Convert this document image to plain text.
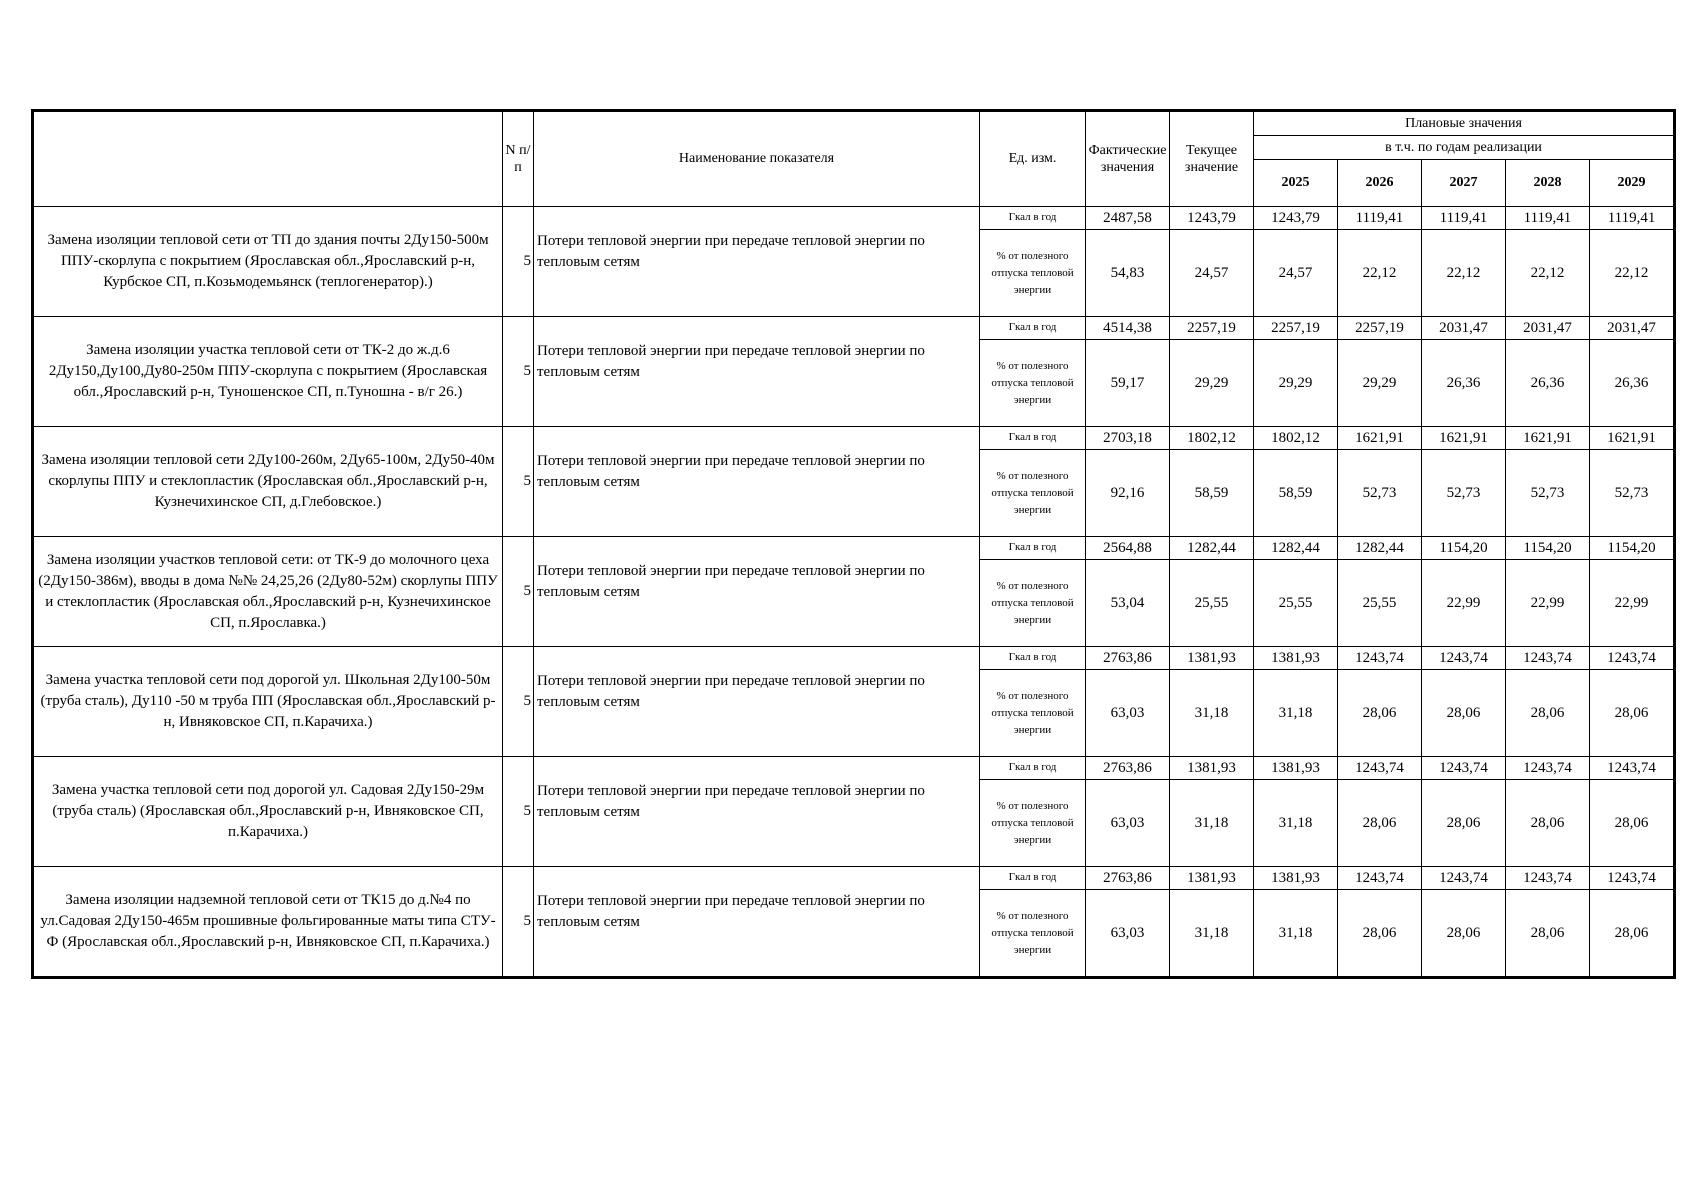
	N п/п	Наименование показателя	Ед. изм.	Фактические значения	Текущее значение	Плановые значения				
						в т.ч. по годам реализации				
						2025	2026	2027	2028	2029
Замена изоляции тепловой сети от ТП до здания почты 2Ду150-500м ППУ-скорлупа с покрытием (Ярославская обл.,Ярославский р-н, Курбское СП, п.Козьмодемьянск (теплогенератор).)	5	Потери тепловой энергии при передаче тепловой энергии по тепловым сетям	Гкал в год	2487,58	1243,79	1243,79	1119,41	1119,41	1119,41	1119,41
			% от полезного отпуска тепловой энергии	54,83	24,57	24,57	22,12	22,12	22,12	22,12
Замена изоляции участка тепловой сети от ТК-2 до ж.д.6 2Ду150,Ду100,Ду80-250м ППУ-скорлупа с покрытием (Ярославская обл.,Ярославский р-н, Туношенское СП, п.Туношна - в/г 26.)	5	Потери тепловой энергии при передаче тепловой энергии по тепловым сетям	Гкал в год	4514,38	2257,19	2257,19	2257,19	2031,47	2031,47	2031,47
			% от полезного отпуска тепловой энергии	59,17	29,29	29,29	29,29	26,36	26,36	26,36
Замена изоляции тепловой сети 2Ду100-260м, 2Ду65-100м, 2Ду50-40м скорлупы ППУ и стеклопластик (Ярославская обл.,Ярославский р-н, Кузнечихинское СП, д.Глебовское.)	5	Потери тепловой энергии при передаче тепловой энергии по тепловым сетям	Гкал в год	2703,18	1802,12	1802,12	1621,91	1621,91	1621,91	1621,91
			% от полезного отпуска тепловой энергии	92,16	58,59	58,59	52,73	52,73	52,73	52,73
Замена изоляции участков тепловой сети: от ТК-9 до молочного цеха (2Ду150-386м), вводы в дома №№ 24,25,26 (2Ду80-52м) скорлупы ППУ и стеклопластик (Ярославская обл.,Ярославский р-н, Кузнечихинское СП, п.Ярославка.)	5	Потери тепловой энергии при передаче тепловой энергии по тепловым сетям	Гкал в год	2564,88	1282,44	1282,44	1282,44	1154,20	1154,20	1154,20
			% от полезного отпуска тепловой энергии	53,04	25,55	25,55	25,55	22,99	22,99	22,99
Замена участка тепловой сети под дорогой ул. Школьная 2Ду100-50м (труба сталь), Ду110 -50 м труба ПП (Ярославская обл.,Ярославский р-н, Ивняковское СП, п.Карачиха.)	5	Потери тепловой энергии при передаче тепловой энергии по тепловым сетям	Гкал в год	2763,86	1381,93	1381,93	1243,74	1243,74	1243,74	1243,74
			% от полезного отпуска тепловой энергии	63,03	31,18	31,18	28,06	28,06	28,06	28,06
Замена участка тепловой сети под дорогой ул. Садовая 2Ду150-29м (труба сталь) (Ярославская обл.,Ярославский р-н, Ивняковское СП, п.Карачиха.)	5	Потери тепловой энергии при передаче тепловой энергии по тепловым сетям	Гкал в год	2763,86	1381,93	1381,93	1243,74	1243,74	1243,74	1243,74
			% от полезного отпуска тепловой энергии	63,03	31,18	31,18	28,06	28,06	28,06	28,06
Замена изоляции надземной тепловой сети от ТК15 до д.№4 по ул.Садовая 2Ду150-465м прошивные фольгированные маты типа СТУ-Ф (Ярославская обл.,Ярославский р-н, Ивняковское СП, п.Карачиха.)	5	Потери тепловой энергии при передаче тепловой энергии по тепловым сетям	Гкал в год	2763,86	1381,93	1381,93	1243,74	1243,74	1243,74	1243,74
			% от полезного отпуска тепловой энергии	63,03	31,18	31,18	28,06	28,06	28,06	28,06
